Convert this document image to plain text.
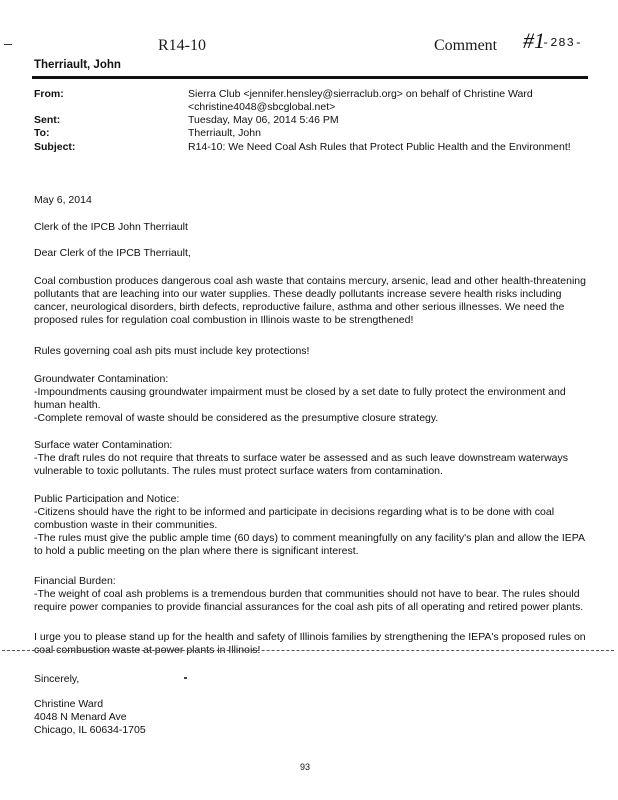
R14-10	Comment #1
-283-
Therriault, John
From:	Sierra Club <jennifer.hensley@sierraclub.org> on behalf of Christine Ward
<christine4048@sbcglobal.net>
Sent:	Tuesday, May 06, 2014 5:46 PM
To:	Therriault, John
Subject:	R14-10: We Need Coal Ash Rules that Protect Public Health and the Environment!
May 6, 2014
Clerk of the IPCB John Therriault
Dear Clerk of the IPCB Therriault,

Coal combustion produces dangerous coal ash waste that contains mercury, arsenic, lead and other health-threatening

pollutants that are leaching into our water supplies. These deadly pollutants increase severe health risks including

cancer, neurological disorders, birth defects, reproductive failure, asthma and other serious illnesses. We need the

proposed rules for regulation coal combustion in Illinois waste to be strengthened!

Rules governing coal ash pits must include key protections!

Groundwater Contamination:

-Impoundments causing groundwater impairment must be closed by a set date to fully protect the environment and

human health.

-Complete removal of waste should be considered as the presumptive closure strategy.

Surface water Contamination:

-The draft rules do not require that threats to surface water be assessed and as such leave downstream waterways

vulnerable to toxic pollutants. The rules must protect surface waters from contamination.

Public Participation and Notice:

-Citizens should have the right to be informed and participate in decisions regarding what is to be done with coal

combustion waste in their communities.

-The rules must give the public ample time (60 days) to comment meaningfully on any facility's plan and allow the IEPA

to hold a public meeting on the plan where there is significant interest.

Financial Burden:

-The weight of coal ash problems is a tremendous burden that communities should not have to bear. The rules should

require power companies to provide financial assurances for the coal ash pits of all operating and retired power plants.

I urge you to please stand up for the health and safety of Illinois families by strengthening the IEPA's proposed rules on

coal combustion waste at power plants in Illinois!

Sincerely,

Christine Ward

4048 N Menard Ave

Chicago, IL 60634-1705

93
